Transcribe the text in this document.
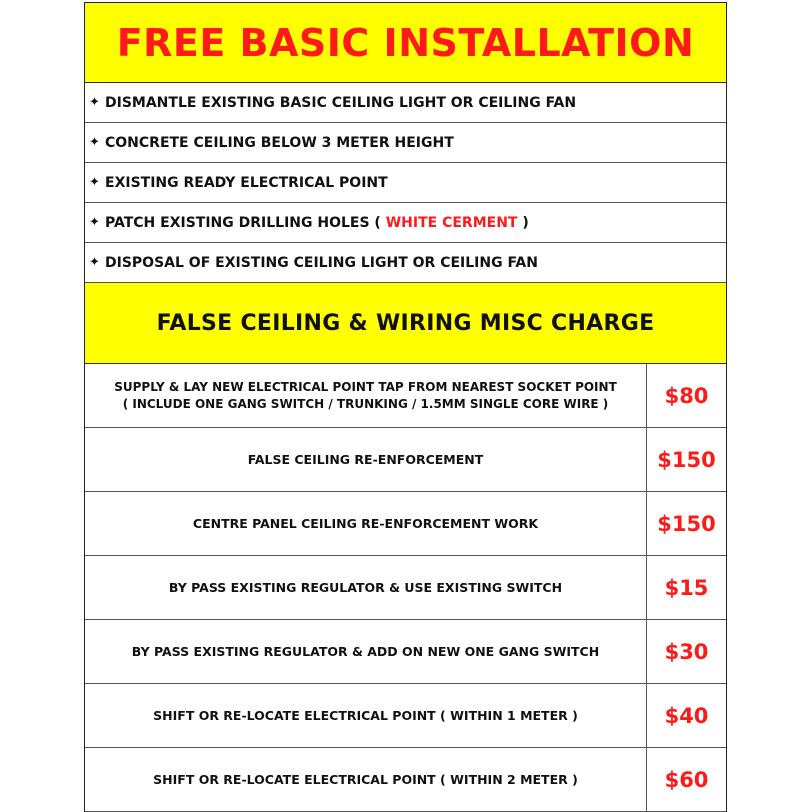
FREE BASIC INSTALLATION
✦ DISMANTLE EXISTING BASIC CEILING LIGHT OR CEILING FAN
✦ CONCRETE CEILING BELOW 3 METER HEIGHT
✦ EXISTING READY ELECTRICAL POINT
✦ PATCH EXISTING DRILLING HOLES ( WHITE CERMENT )
✦ DISPOSAL OF EXISTING CEILING LIGHT OR CEILING FAN
FALSE CEILING & WIRING MISC CHARGE
SUPPLY & LAY NEW ELECTRICAL POINT TAP FROM NEAREST SOCKET POINT
( INCLUDE ONE GANG SWITCH / TRUNKING / 1.5MM SINGLE CORE WIRE )	$80
FALSE CEILING RE-ENFORCEMENT	$150
CENTRE PANEL CEILING RE-ENFORCEMENT WORK	$150
BY PASS EXISTING REGULATOR & USE EXISTING SWITCH	$15
BY PASS EXISTING REGULATOR & ADD ON NEW ONE GANG SWITCH	$30
SHIFT OR RE-LOCATE ELECTRICAL POINT ( WITHIN 1 METER )	$40
SHIFT OR RE-LOCATE ELECTRICAL POINT ( WITHIN 2 METER )	$60
